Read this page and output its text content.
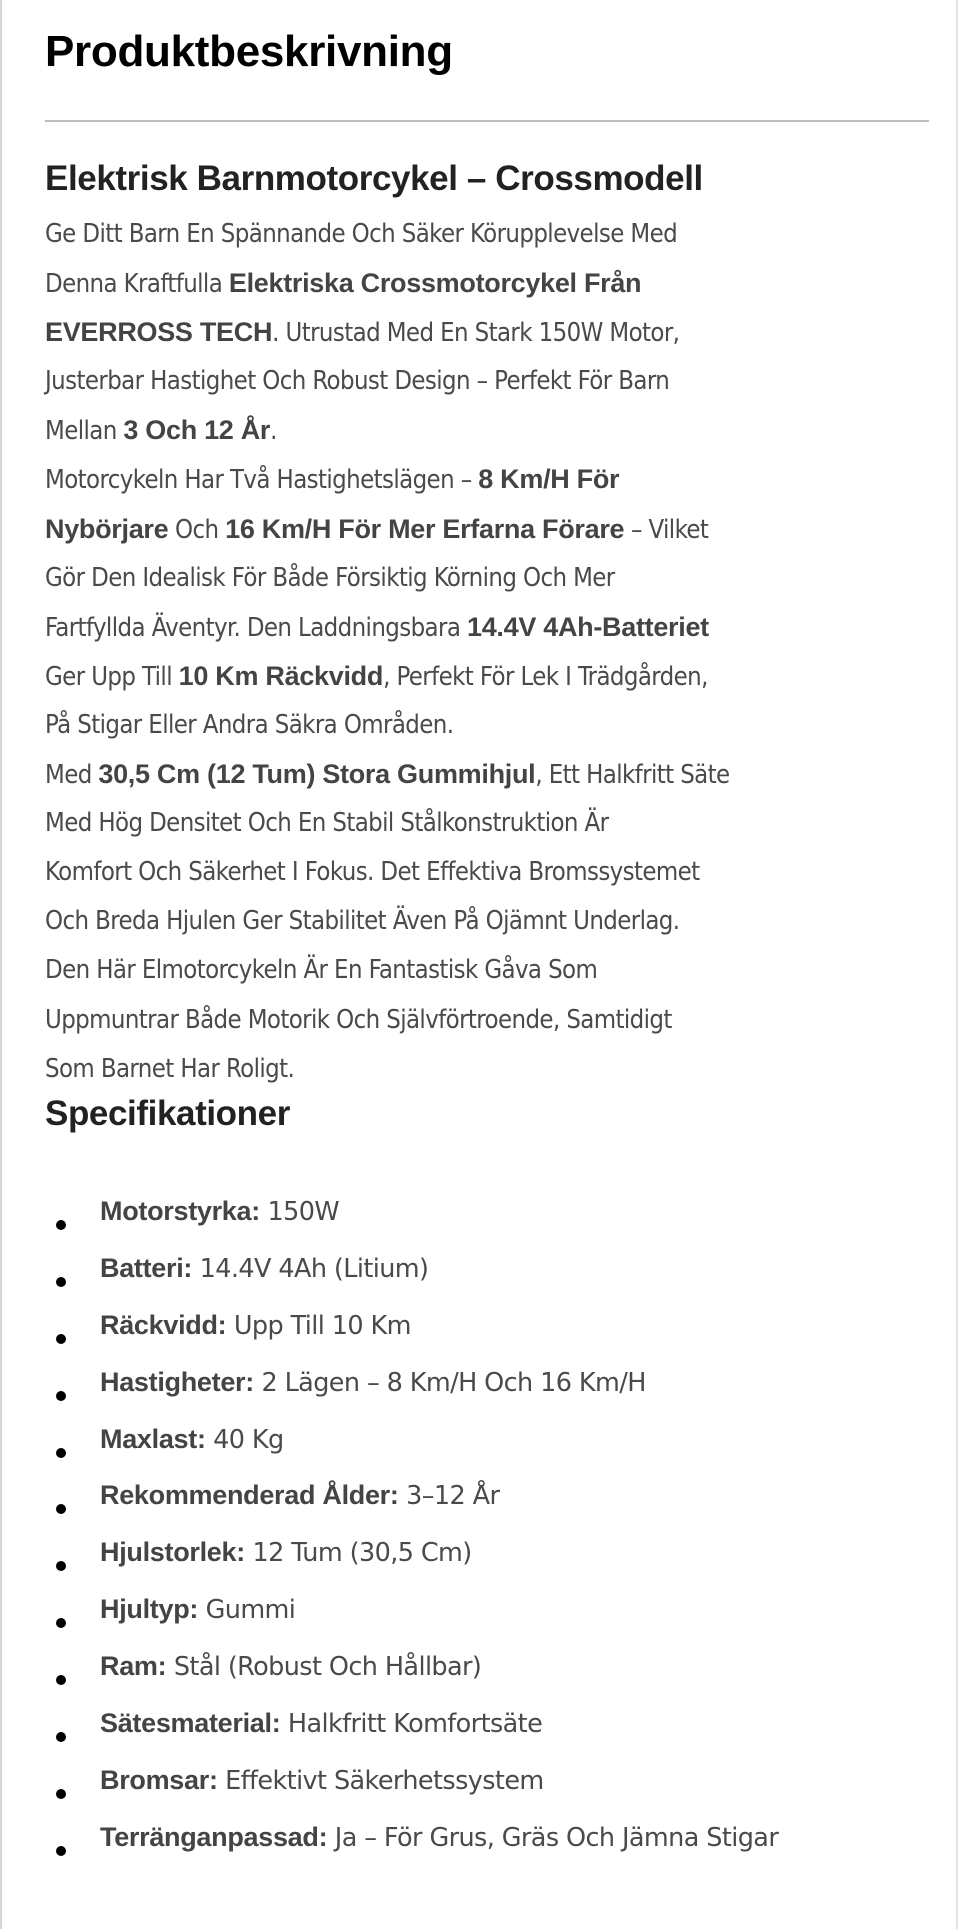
Produktbeskrivning
Elektrisk Barnmotorcykel – Crossmodell
Ge Ditt Barn En Spännande Och Säker Körupplevelse Med
Denna Kraftfulla Elektriska Crossmotorcykel Från
EVERROSS TECH. Utrustad Med En Stark 150W Motor,
Justerbar Hastighet Och Robust Design – Perfekt För Barn
Mellan 3 Och 12 År.
Motorcykeln Har Två Hastighetslägen – 8 Km/H För
Nybörjare Och 16 Km/H För Mer Erfarna Förare – Vilket
Gör Den Idealisk För Både Försiktig Körning Och Mer
Fartfyllda Äventyr. Den Laddningsbara 14.4V 4Ah-Batteriet
Ger Upp Till 10 Km Räckvidd, Perfekt För Lek I Trädgården,
På Stigar Eller Andra Säkra Områden.
Med 30,5 Cm (12 Tum) Stora Gummihjul, Ett Halkfritt Säte
Med Hög Densitet Och En Stabil Stålkonstruktion Är
Komfort Och Säkerhet I Fokus. Det Effektiva Bromssystemet
Och Breda Hjulen Ger Stabilitet Även På Ojämnt Underlag.
Den Här Elmotorcykeln Är En Fantastisk Gåva Som
Uppmuntrar Både Motorik Och Självförtroende, Samtidigt
Som Barnet Har Roligt.
Specifikationer
Motorstyrka: 150W
Batteri: 14.4V 4Ah (Litium)
Räckvidd: Upp Till 10 Km
Hastigheter: 2 Lägen – 8 Km/H Och 16 Km/H
Maxlast: 40 Kg
Rekommenderad Ålder: 3–12 År
Hjulstorlek: 12 Tum (30,5 Cm)
Hjultyp: Gummi
Ram: Stål (Robust Och Hållbar)
Sätesmaterial: Halkfritt Komfortsäte
Bromsar: Effektivt Säkerhetssystem
Terränganpassad: Ja – För Grus, Gräs Och Jämna Stigar
